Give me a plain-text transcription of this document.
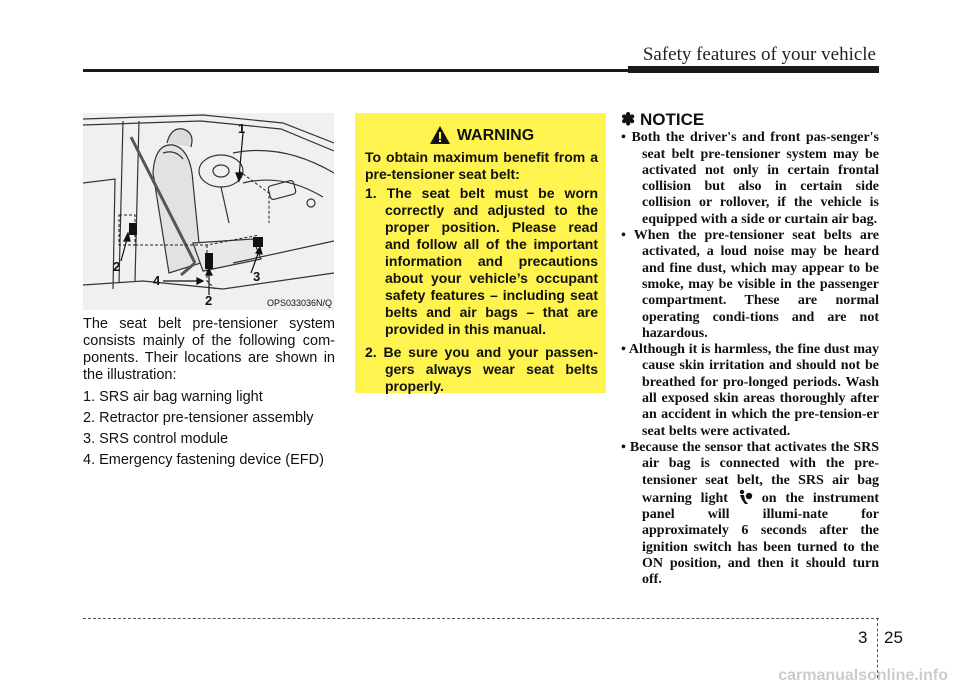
Safety features of your vehicle
1
2
3
4
2	OPS033036N/Q

The seat belt pre-tensioner system consists mainly of the following com-ponents. Their locations are shown in the illustration:

1. SRS air bag warning light
2. Retractor pre-tensioner assembly
3. SRS control module
4. Emergency fastening device (EFD)
WARNING

To obtain maximum benefit from a pre-tensioner seat belt:

1. The seat belt must be worn correctly and adjusted to the proper position. Please read and follow all of the important information and precautions about your vehicle’s occupant safety features – including seat belts and air bags – that are provided in this manual.
2. Be sure you and your passen-gers always wear seat belts properly.
✽ NOTICE
• Both the driver's and front pas-senger's seat belt pre-tensioner system may be activated not only in certain frontal collision but also in certain side collision or rollover, if the vehicle is equipped with a side or curtain air bag.
• When the pre-tensioner seat belts are activated, a loud noise may be heard and fine dust, which may appear to be smoke, may be visible in the passenger compartment. These are normal operating condi-tions and are not hazardous.
• Although it is harmless, the fine dust may cause skin irritation and should not be breathed for pro-longed periods. Wash all exposed skin areas thoroughly after an accident in which the pre-tension-er seat belts were activated.
• Because the sensor that activates the SRS air bag is connected with the pre-tensioner seat belt, the SRS air bag warning light on the instrument panel will illumi-nate for approximately 6 seconds after the ignition switch has been turned to the ON position, and then it should turn off.
3 25
carmanualsonline.info
